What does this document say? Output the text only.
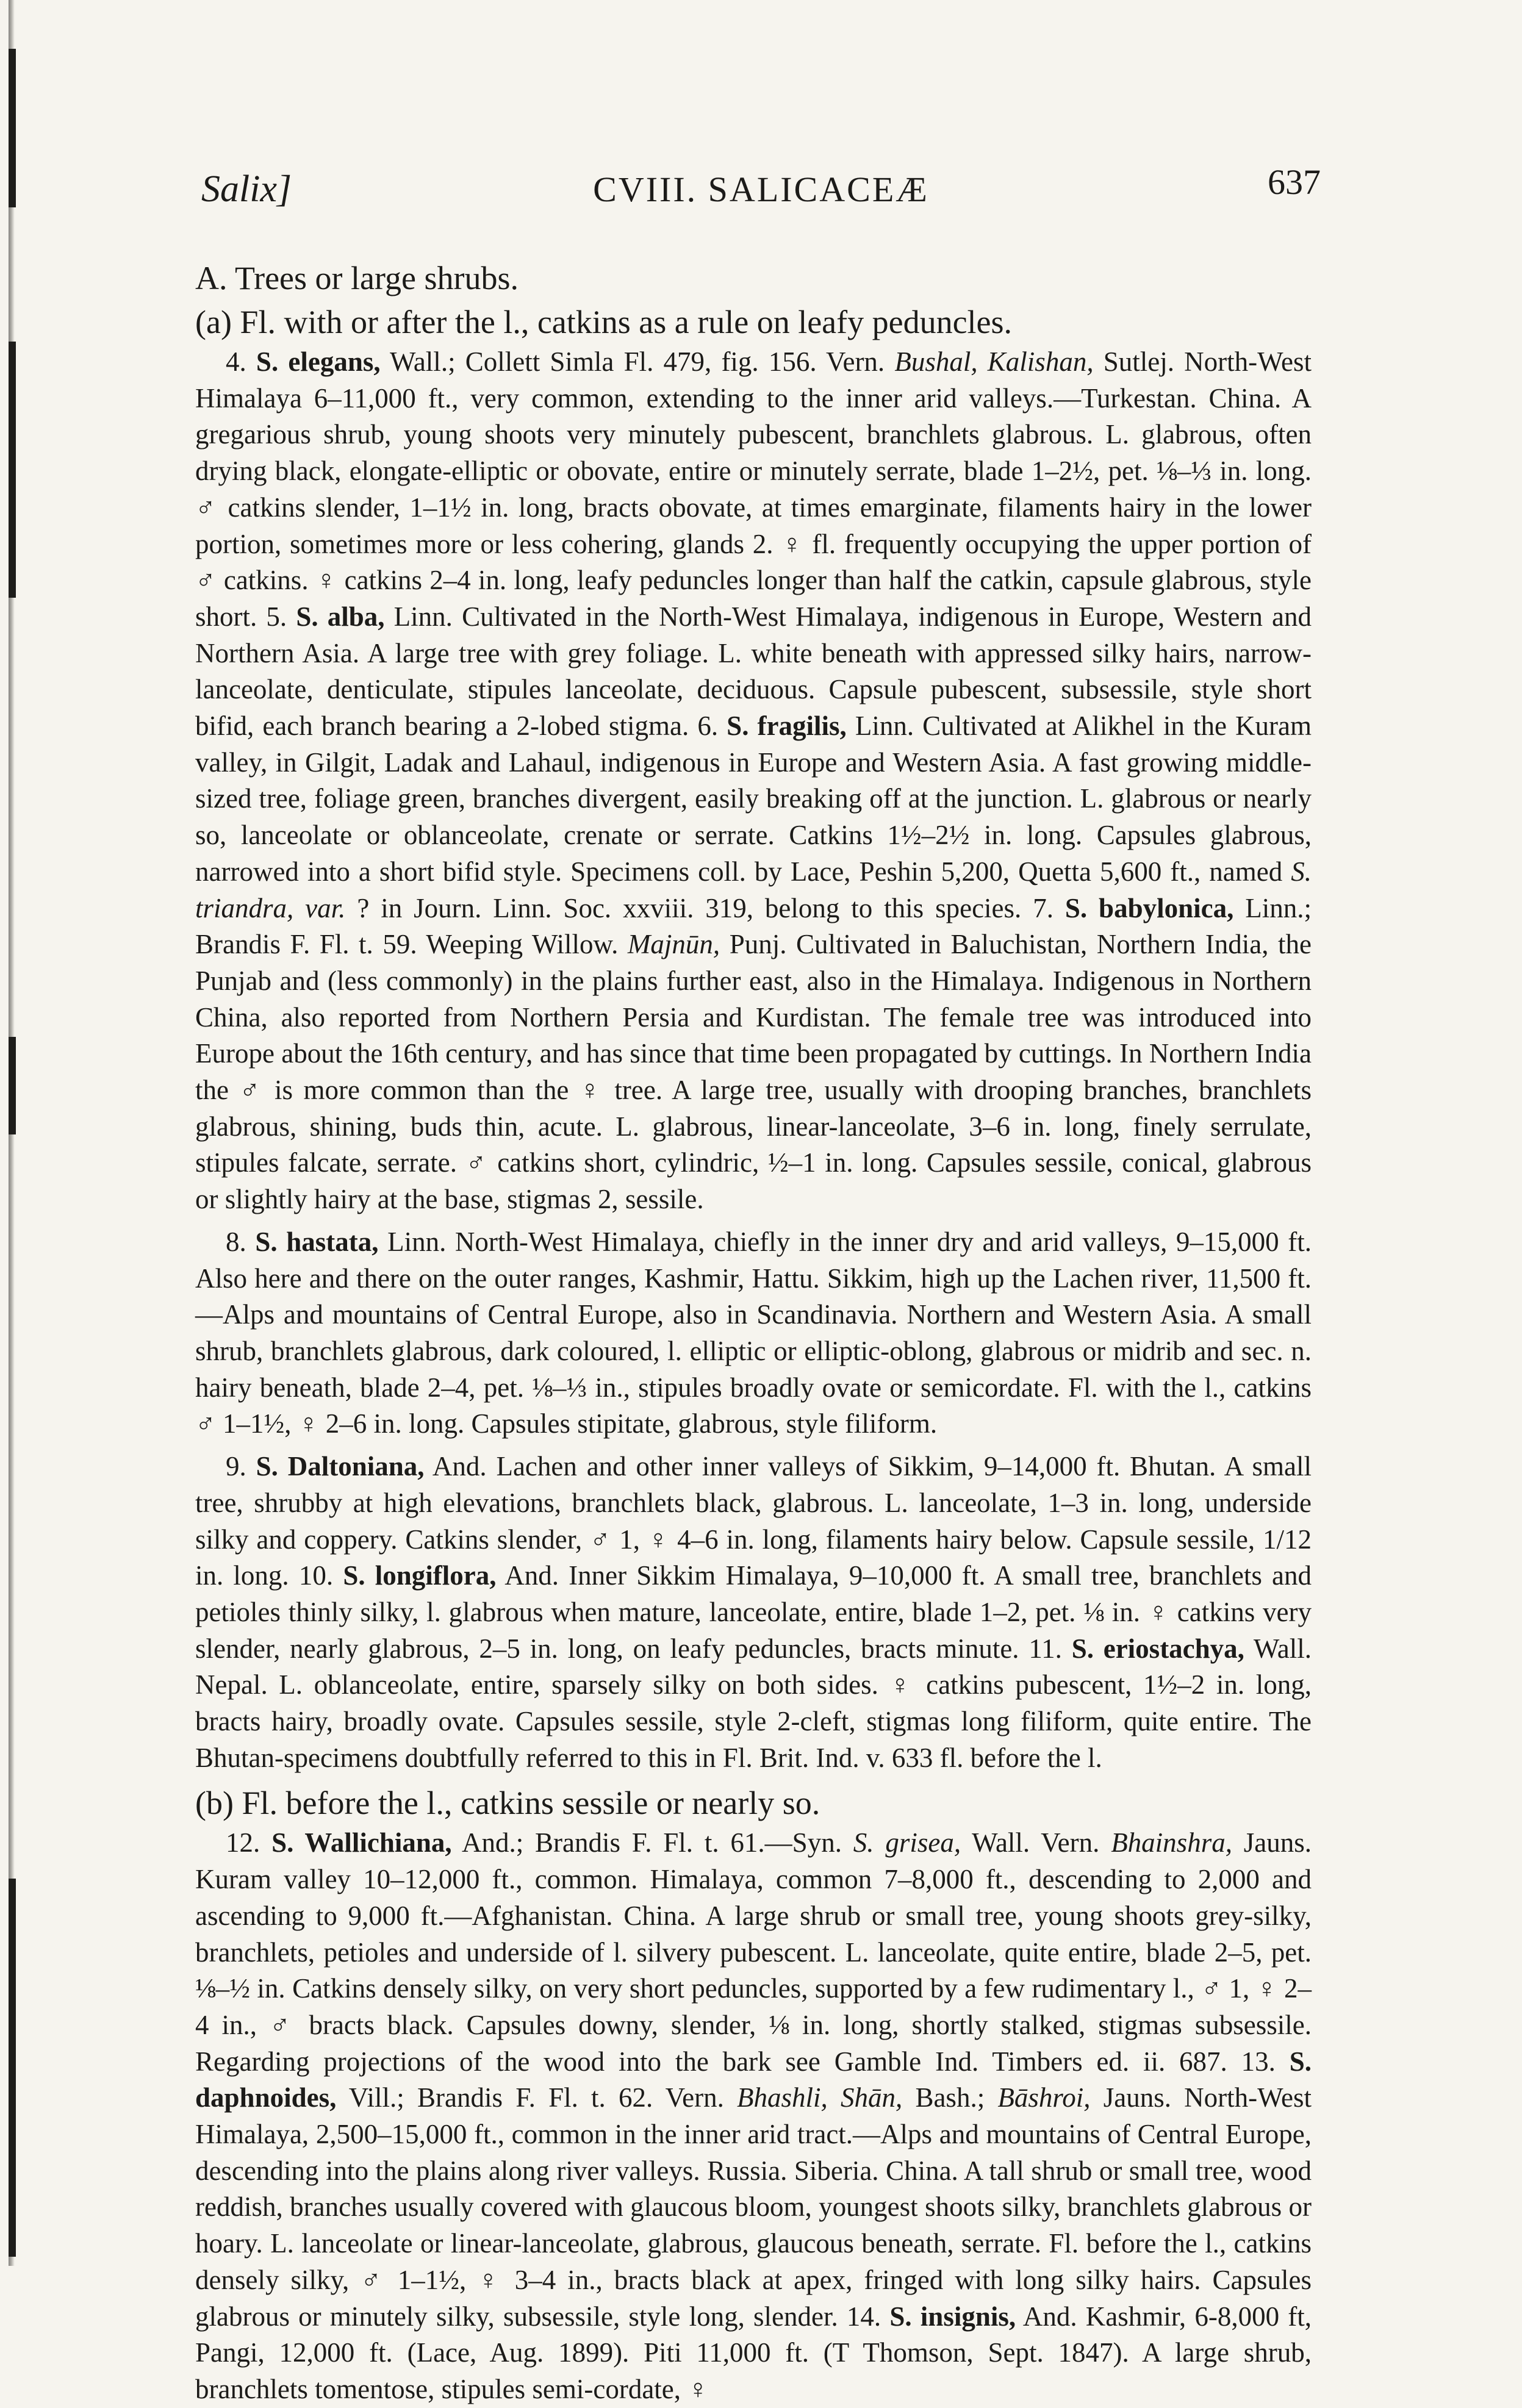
Salix]	CVIII. SALICACEÆ	637

A. Trees or large shrubs.

(a) Fl. with or after the l., catkins as a rule on leafy peduncles.

4. S. elegans, Wall.; Collett Simla Fl. 479, fig. 156. Vern. Bushal, Kalishan, Sutlej. North-West Himalaya 6–11,000 ft., very common, extending to the inner arid valleys.—Turkestan. China. A gregarious shrub, young shoots very minutely pubescent, branchlets glabrous. L. glabrous, often drying black, elongate-elliptic or obovate, entire or minutely serrate, blade 1–2½, pet. ⅛–⅓ in. long. ♂ catkins slender, 1–1½ in. long, bracts obovate, at times emarginate, filaments hairy in the lower portion, sometimes more or less cohering, glands 2. ♀ fl. frequently occupying the upper portion of ♂ catkins. ♀ catkins 2–4 in. long, leafy peduncles longer than half the catkin, capsule glabrous, style short. 5. S. alba, Linn. Cultivated in the North-West Himalaya, indigenous in Europe, Western and Northern Asia. A large tree with grey foliage. L. white beneath with appressed silky hairs, narrow-lanceolate, denticulate, stipules lanceolate, deciduous. Capsule pubescent, subsessile, style short bifid, each branch bearing a 2-lobed stigma. 6. S. fragilis, Linn. Cultivated at Alikhel in the Kuram valley, in Gilgit, Ladak and Lahaul, indigenous in Europe and Western Asia. A fast growing middle-sized tree, foliage green, branches divergent, easily breaking off at the junction. L. glabrous or nearly so, lanceolate or oblanceolate, crenate or serrate. Catkins 1½–2½ in. long. Capsules glabrous, narrowed into a short bifid style. Specimens coll. by Lace, Peshin 5,200, Quetta 5,600 ft., named S. triandra, var. ? in Journ. Linn. Soc. xxviii. 319, belong to this species. 7. S. babylonica, Linn.; Brandis F. Fl. t. 59. Weeping Willow. Majnūn, Punj. Cultivated in Baluchistan, Northern India, the Punjab and (less commonly) in the plains further east, also in the Himalaya. Indigenous in Northern China, also reported from Northern Persia and Kurdistan. The female tree was introduced into Europe about the 16th century, and has since that time been propagated by cuttings. In Northern India the ♂ is more common than the ♀ tree. A large tree, usually with drooping branches, branchlets glabrous, shining, buds thin, acute. L. glabrous, linear-lanceolate, 3–6 in. long, finely serrulate, stipules falcate, serrate. ♂ catkins short, cylindric, ½–1 in. long. Capsules sessile, conical, glabrous or slightly hairy at the base, stigmas 2, sessile.

8. S. hastata, Linn. North-West Himalaya, chiefly in the inner dry and arid valleys, 9–15,000 ft. Also here and there on the outer ranges, Kashmir, Hattu. Sikkim, high up the Lachen river, 11,500 ft.—Alps and mountains of Central Europe, also in Scandinavia. Northern and Western Asia. A small shrub, branchlets glabrous, dark coloured, l. elliptic or elliptic-oblong, glabrous or midrib and sec. n. hairy beneath, blade 2–4, pet. ⅛–⅓ in., stipules broadly ovate or semicordate. Fl. with the l., catkins ♂ 1–1½, ♀ 2–6 in. long. Capsules stipitate, glabrous, style filiform.

9. S. Daltoniana, And. Lachen and other inner valleys of Sikkim, 9–14,000 ft. Bhutan. A small tree, shrubby at high elevations, branchlets black, glabrous. L. lanceolate, 1–3 in. long, underside silky and coppery. Catkins slender, ♂ 1, ♀ 4–6 in. long, filaments hairy below. Capsule sessile, 1/12 in. long. 10. S. longiflora, And. Inner Sikkim Himalaya, 9–10,000 ft. A small tree, branchlets and petioles thinly silky, l. glabrous when mature, lanceolate, entire, blade 1–2, pet. ⅛ in. ♀ catkins very slender, nearly glabrous, 2–5 in. long, on leafy peduncles, bracts minute. 11. S. eriostachya, Wall. Nepal. L. oblanceolate, entire, sparsely silky on both sides. ♀ catkins pubescent, 1½–2 in. long, bracts hairy, broadly ovate. Capsules sessile, style 2-cleft, stigmas long filiform, quite entire. The Bhutan-specimens doubtfully referred to this in Fl. Brit. Ind. v. 633 fl. before the l.

(b) Fl. before the l., catkins sessile or nearly so.

12. S. Wallichiana, And.; Brandis F. Fl. t. 61.—Syn. S. grisea, Wall. Vern. Bhainshra, Jauns. Kuram valley 10–12,000 ft., common. Himalaya, common 7–8,000 ft., descending to 2,000 and ascending to 9,000 ft.—Afghanistan. China. A large shrub or small tree, young shoots grey-silky, branchlets, petioles and underside of l. silvery pubescent. L. lanceolate, quite entire, blade 2–5, pet. ⅛–½ in. Catkins densely silky, on very short peduncles, supported by a few rudimentary l., ♂ 1, ♀ 2–4 in., ♂ bracts black. Capsules downy, slender, ⅛ in. long, shortly stalked, stigmas subsessile. Regarding projections of the wood into the bark see Gamble Ind. Timbers ed. ii. 687. 13. S. daphnoides, Vill.; Brandis F. Fl. t. 62. Vern. Bhashli, Shān, Bash.; Bāshroi, Jauns. North-West Himalaya, 2,500–15,000 ft., common in the inner arid tract.—Alps and mountains of Central Europe, descending into the plains along river valleys. Russia. Siberia. China. A tall shrub or small tree, wood reddish, branches usually covered with glaucous bloom, youngest shoots silky, branchlets glabrous or hoary. L. lanceolate or linear-lanceolate, glabrous, glaucous beneath, serrate. Fl. before the l., catkins densely silky, ♂ 1–1½, ♀ 3–4 in., bracts black at apex, fringed with long silky hairs. Capsules glabrous or minutely silky, subsessile, style long, slender. 14. S. insignis, And. Kashmir, 6-8,000 ft, Pangi, 12,000 ft. (Lace, Aug. 1899). Piti 11,000 ft. (T Thomson, Sept. 1847). A large shrub, branchlets tomentose, stipules semi-cordate, ♀
